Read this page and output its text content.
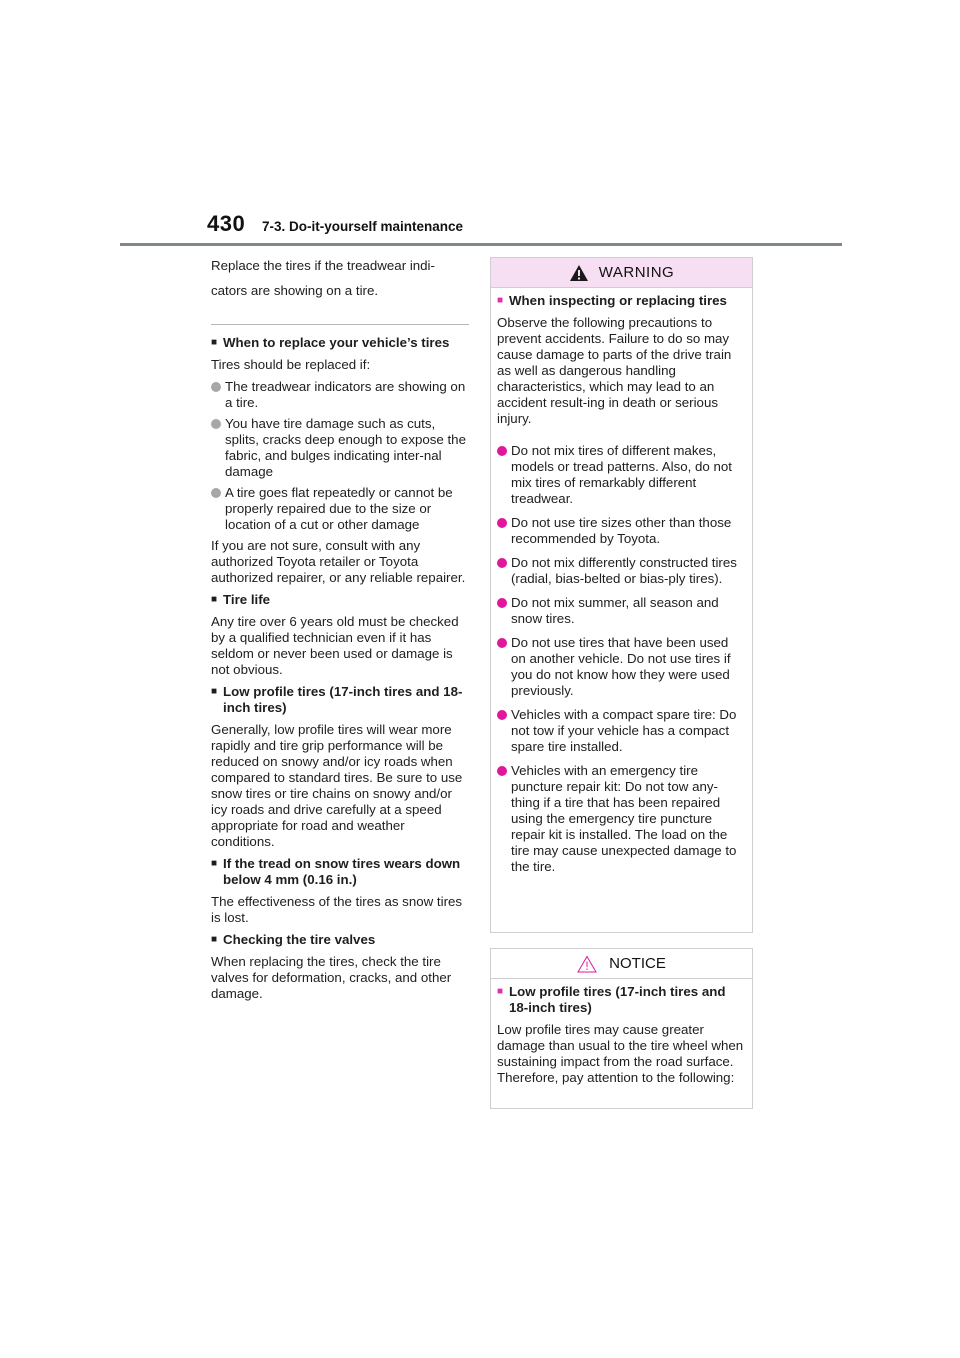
430 7-3. Do-it-yourself maintenance

Replace the tires if the treadwear indi-

cators are showing on a tire.

■ When to replace your vehicle’s tires
Tires should be replaced if:
The treadwear indicators are showing on a tire.
You have tire damage such as cuts, splits, cracks deep enough to expose the fabric, and bulges indicating inter-nal damage
A tire goes flat repeatedly or cannot be properly repaired due to the size or location of a cut or other damage
If you are not sure, consult with any authorized Toyota retailer or Toyota authorized repairer, or any reliable repairer.
■ Tire life
Any tire over 6 years old must be checked by a qualified technician even if it has seldom or never been used or damage is not obvious.
■ Low profile tires (17-inch tires and 18-inch tires)
Generally, low profile tires will wear more rapidly and tire grip performance will be reduced on snowy and/or icy roads when compared to standard tires. Be sure to use snow tires or tire chains on snowy and/or icy roads and drive carefully at a speed appropriate for road and weather conditions.
■ If the tread on snow tires wears down below 4 mm (0.16 in.)
The effectiveness of the tires as snow tires is lost.
■ Checking the tire valves
When replacing the tires, check the tire valves for deformation, cracks, and other damage.
WARNING
■ When inspecting or replacing tires
Observe the following precautions to prevent accidents. Failure to do so may cause damage to parts of the drive train as well as dangerous handling characteristics, which may lead to an accident result-ing in death or serious injury.
Do not mix tires of different makes, models or tread patterns. Also, do not mix tires of remarkably different treadwear.
Do not use tire sizes other than those recommended by Toyota.
Do not mix differently constructed tires (radial, bias-belted or bias-ply tires).
Do not mix summer, all season and snow tires.
Do not use tires that have been used on another vehicle. Do not use tires if you do not know how they were used previously.
Vehicles with a compact spare tire: Do not tow if your vehicle has a compact spare tire installed.
Vehicles with an emergency tire puncture repair kit: Do not tow any-thing if a tire that has been repaired using the emergency tire puncture repair kit is installed. The load on the tire may cause unexpected damage to the tire.
NOTICE
■ Low profile tires (17-inch tires and 18-inch tires)
Low profile tires may cause greater damage than usual to the tire wheel when sustaining impact from the road surface. Therefore, pay attention to the following:
